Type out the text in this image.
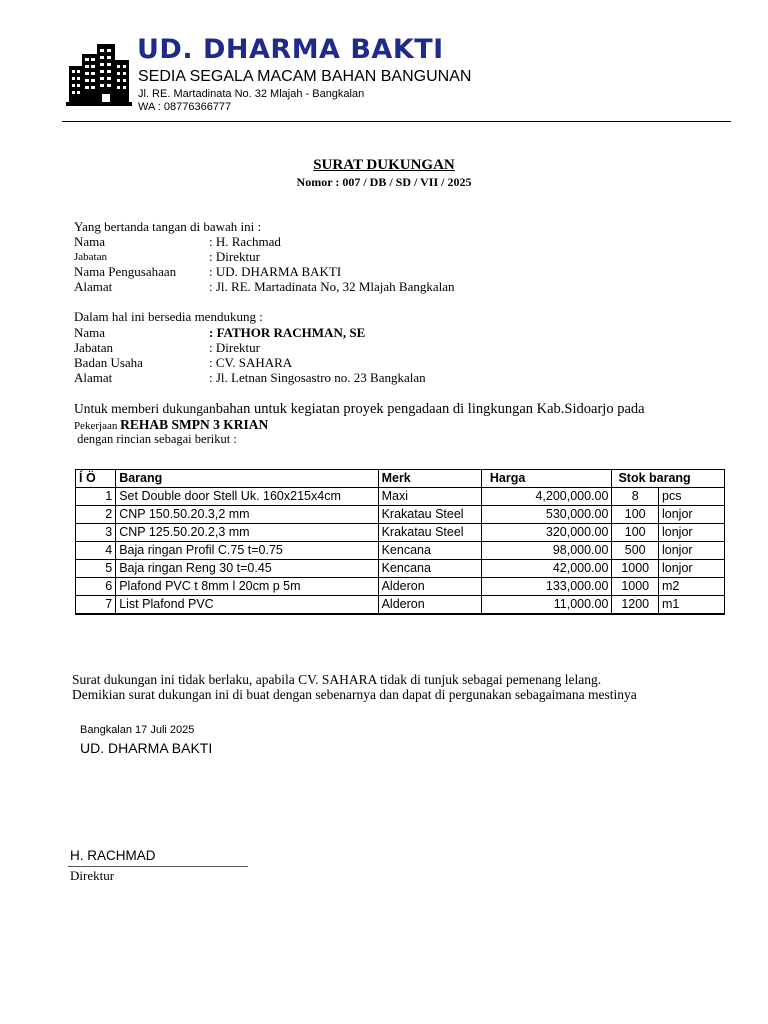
UD. DHARMA BAKTI
SEDIA SEGALA MACAM BAHAN BANGUNAN
Jl. RE. Martadinata No. 32 Mlajah - Bangkalan
WA : 08776366777
SURAT DUKUNGAN
Nomor : 007 / DB / SD / VII / 2025
Yang bertanda tangan di bawah ini :
Nama	: H. Rachmad
Jabatan	: Direktur
Nama Pengusahaan	: UD. DHARMA BAKTI
Alamat	: Jl. RE. Martadinata No, 32 Mlajah Bangkalan
Dalam hal ini bersedia mendukung :
Nama	: FATHOR RACHMAN, SE
Jabatan	: Direktur
Badan Usaha	: CV. SAHARA
Alamat	: Jl. Letnan Singosastro no. 23 Bangkalan
Untuk memberi dukunganbahan untuk kegiatan proyek pengadaan di lingkungan Kab.Sidoarjo pada
Pekerjaan REHAB SMPN 3 KRIAN
dengan rincian sebagai berikut :
Í Ö	Barang	Merk	Harga	Stok barang	
1	Set Double door Stell Uk. 160x215x4cm	Maxi	4,200,000.00	8	pcs
2	CNP 150.50.20.3,2 mm	Krakatau Steel	530,000.00	100	lonjor
3	CNP 125.50.20.2,3 mm	Krakatau Steel	320,000.00	100	lonjor
4	Baja ringan Profil C.75 t=0.75	Kencana	98,000.00	500	lonjor
5	Baja ringan Reng 30 t=0.45	Kencana	42,000.00	1000	lonjor
6	Plafond PVC t 8mm l 20cm p 5m	Alderon	133,000.00	1000	m2
7	List Plafond PVC	Alderon	11,000.00	1200	m1
Surat dukungan ini tidak berlaku, apabila CV. SAHARA tidak di tunjuk sebagai pemenang lelang.
Demikian surat dukungan ini di buat dengan sebenarnya dan dapat di pergunakan sebagaimana mestinya
Bangkalan 17 Juli 2025
UD. DHARMA BAKTI
H. RACHMAD
Direktur
